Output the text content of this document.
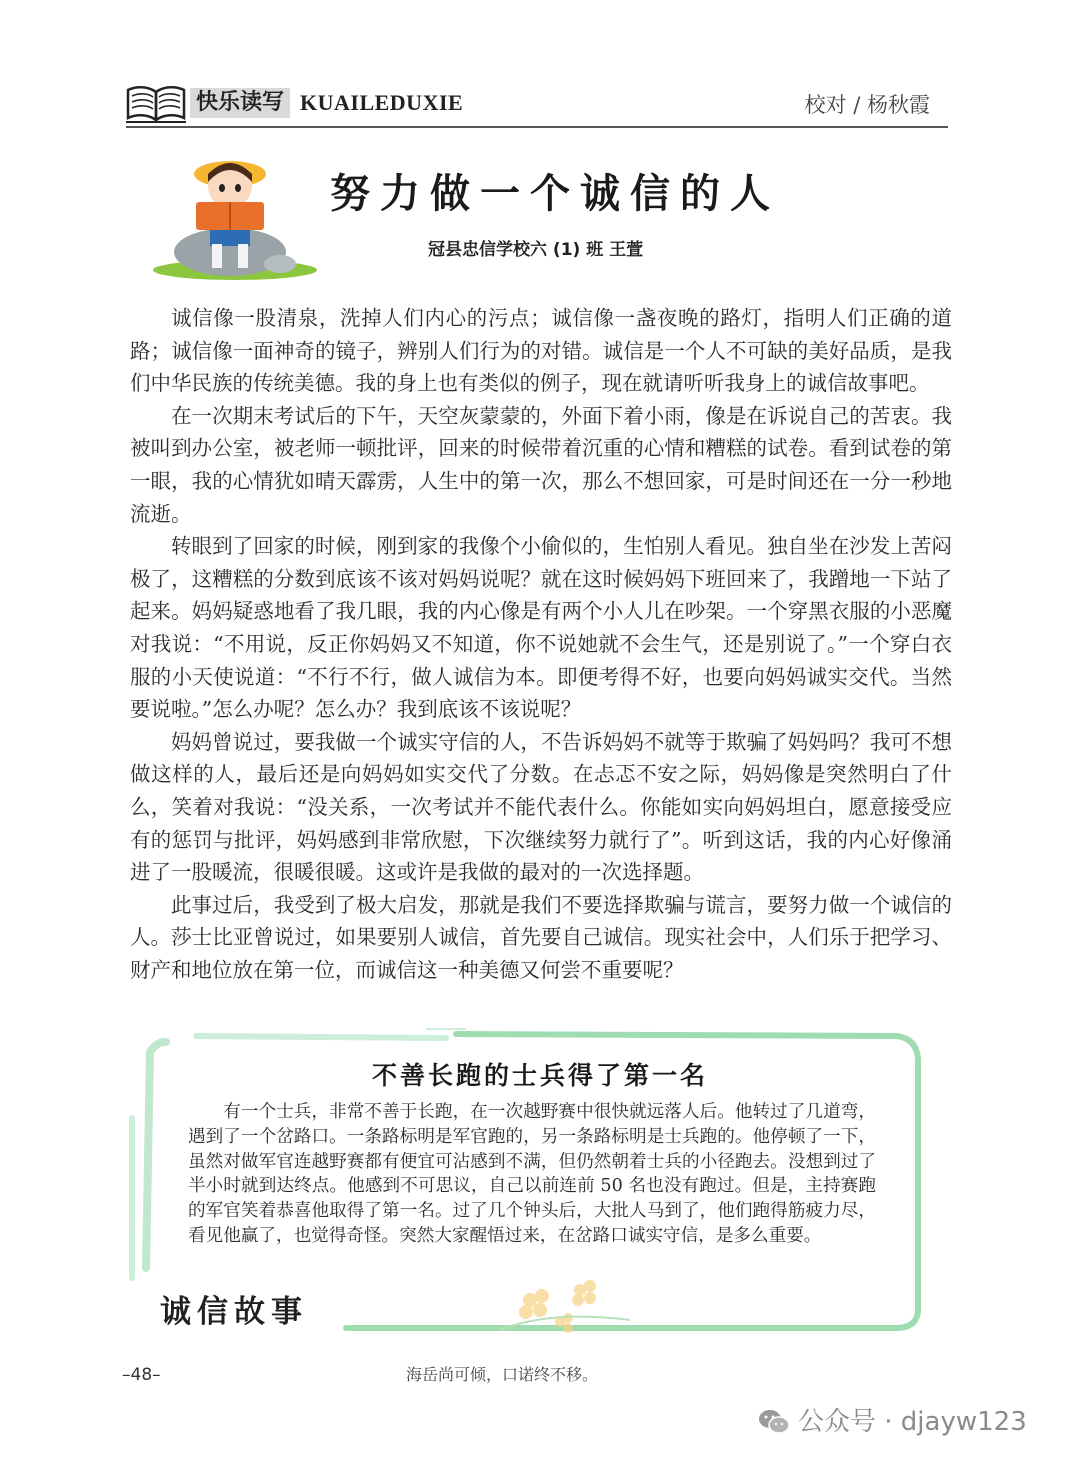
快乐读写 KUAILEDUXIE	校对 / 杨秋霞
努力做一个诚信的人
冠县忠信学校六 (1) 班 王萱

诚信像一股清泉，洗掉人们内心的污点；诚信像一盏夜晚的路灯，指明人们正确的道路；诚信像一面神奇的镜子，辨别人们行为的对错。诚信是一个人不可缺的美好品质，是我们中华民族的传统美德。我的身上也有类似的例子，现在就请听听我身上的诚信故事吧。

在一次期末考试后的下午，天空灰蒙蒙的，外面下着小雨，像是在诉说自己的苦衷。我被叫到办公室，被老师一顿批评，回来的时候带着沉重的心情和糟糕的试卷。看到试卷的第一眼，我的心情犹如晴天霹雳，人生中的第一次，那么不想回家，可是时间还在一分一秒地流逝。

转眼到了回家的时候，刚到家的我像个小偷似的，生怕别人看见。独自坐在沙发上苦闷极了，这糟糕的分数到底该不该对妈妈说呢？就在这时候妈妈下班回来了，我蹭地一下站了起来。妈妈疑惑地看了我几眼，我的内心像是有两个小人儿在吵架。一个穿黑衣服的小恶魔对我说：“不用说，反正你妈妈又不知道，你不说她就不会生气，还是别说了。”一个穿白衣服的小天使说道：“不行不行，做人诚信为本。即便考得不好，也要向妈妈诚实交代。当然要说啦。”怎么办呢？怎么办？我到底该不该说呢？

妈妈曾说过，要我做一个诚实守信的人，不告诉妈妈不就等于欺骗了妈妈吗？我可不想做这样的人，最后还是向妈妈如实交代了分数。在忐忑不安之际，妈妈像是突然明白了什么，笑着对我说：“没关系，一次考试并不能代表什么。你能如实向妈妈坦白，愿意接受应有的惩罚与批评，妈妈感到非常欣慰，下次继续努力就行了”。听到这话，我的内心好像涌进了一股暖流，很暖很暖。这或许是我做的最对的一次选择题。

此事过后，我受到了极大启发，那就是我们不要选择欺骗与谎言，要努力做一个诚信的人。莎士比亚曾说过，如果要别人诚信，首先要自己诚信。现实社会中，人们乐于把学习、财产和地位放在第一位，而诚信这一种美德又何尝不重要呢？

不善长跑的士兵得了第一名

有一个士兵，非常不善于长跑，在一次越野赛中很快就远落人后。他转过了几道弯，遇到了一个岔路口。一条路标明是军官跑的，另一条路标明是士兵跑的。他停顿了一下，虽然对做军官连越野赛都有便宜可沾感到不满，但仍然朝着士兵的小径跑去。没想到过了半小时就到达终点。他感到不可思议，自己以前连前 50 名也没有跑过。但是，主持赛跑的军官笑着恭喜他取得了第一名。过了几个钟头后，大批人马到了，他们跑得筋疲力尽，看见他赢了，也觉得奇怪。突然大家醒悟过来，在岔路口诚实守信，是多么重要。

诚信故事
–48–	海岳尚可倾，口诺终不移。
公众号 · djayw123
